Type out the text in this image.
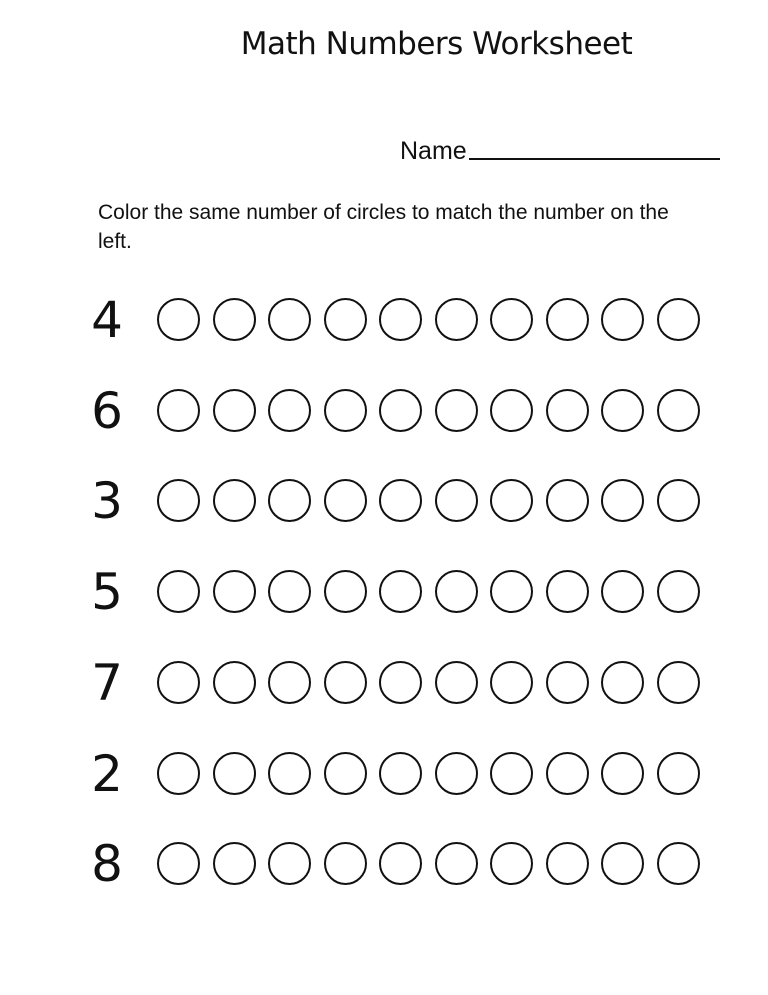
Math Numbers Worksheet
Name
Color the same number of circles to match the number on the left.
4
6
3
5
7
2
8
